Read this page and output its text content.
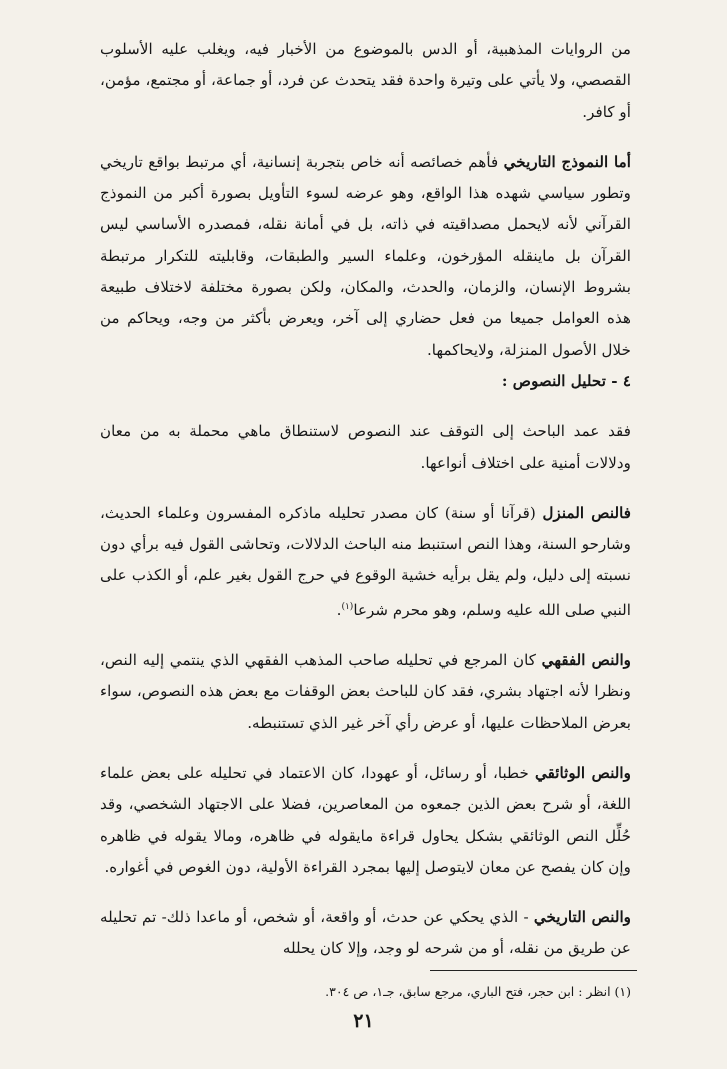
من الروايات المذهبية، أو الدس بالموضوع من الأخبار فيه، ويغلب عليه الأسلوب القصصي، ولا يأتي على وتيرة واحدة فقد يتحدث عن فرد، أو جماعة، أو مجتمع، مؤمن، أو كافر.

أما النموذج التاريخي فأهم خصائصه أنه خاص بتجربة إنسانية، أي مرتبط بواقع تاريخي وتطور سياسي شهده هذا الواقع، وهو عرضه لسوء التأويل بصورة أكبر من النموذج القرآني لأنه لايحمل مصداقيته في ذاته، بل في أمانة نقله، فمصدره الأساسي ليس القرآن بل ماينقله المؤرخون، وعلماء السير والطبقات، وقابليته للتكرار مرتبطة بشروط الإنسان، والزمان، والحدث، والمكان، ولكن بصورة مختلفة لاختلاف طبيعة هذه العوامل جميعا من فعل حضاري إلى آخر، ويعرض بأكثر من وجه، ويحاكم من خلال الأصول المنزلة، ولايحاكمها.

٤ - تحليل النصوص :

فقد عمد الباحث إلى التوقف عند النصوص لاستنطاق ماهي محملة به من معان ودلالات أمنية على اختلاف أنواعها.

فالنص المنزل (قرآنا أو سنة) كان مصدر تحليله ماذكره المفسرون وعلماء الحديث، وشارحو السنة، وهذا النص استنبط منه الباحث الدلالات، وتحاشى القول فيه برأي دون نسبته إلى دليل، ولم يقل برأيه خشية الوقوع في حرج القول بغير علم، أو الكذب على النبي صلى الله عليه وسلم، وهو محرم شرعا$^{(١)}$.

والنص الفقهي كان المرجع في تحليله صاحب المذهب الفقهي الذي ينتمي إليه النص، ونظرا لأنه اجتهاد بشري، فقد كان للباحث بعض الوقفات مع بعض هذه النصوص، سواء بعرض الملاحظات عليها، أو عرض رأي آخر غير الذي تستنبطه.

والنص الوثائقي خطبا، أو رسائل، أو عهودا، كان الاعتماد في تحليله على بعض علماء اللغة، أو شرح بعض الذين جمعوه من المعاصرين، فضلا على الاجتهاد الشخصي، وقد حُلِّل النص الوثائقي بشكل يحاول قراءة مايقوله في ظاهره، ومالا يقوله في ظاهره وإن كان يفصح عن معان لايتوصل إليها بمجرد القراءة الأولية، دون الغوص في أغواره.

والنص التاريخي - الذي يحكي عن حدث، أو واقعة، أو شخص، أو ماعدا ذلك- تم تحليله عن طريق من نقله، أو من شرحه لو وجد، وإلا كان يحلله

(١) انظر : ابن حجر، فتح الباري، مرجع سابق، جـ١، ص ٣٠٤.
٢١
